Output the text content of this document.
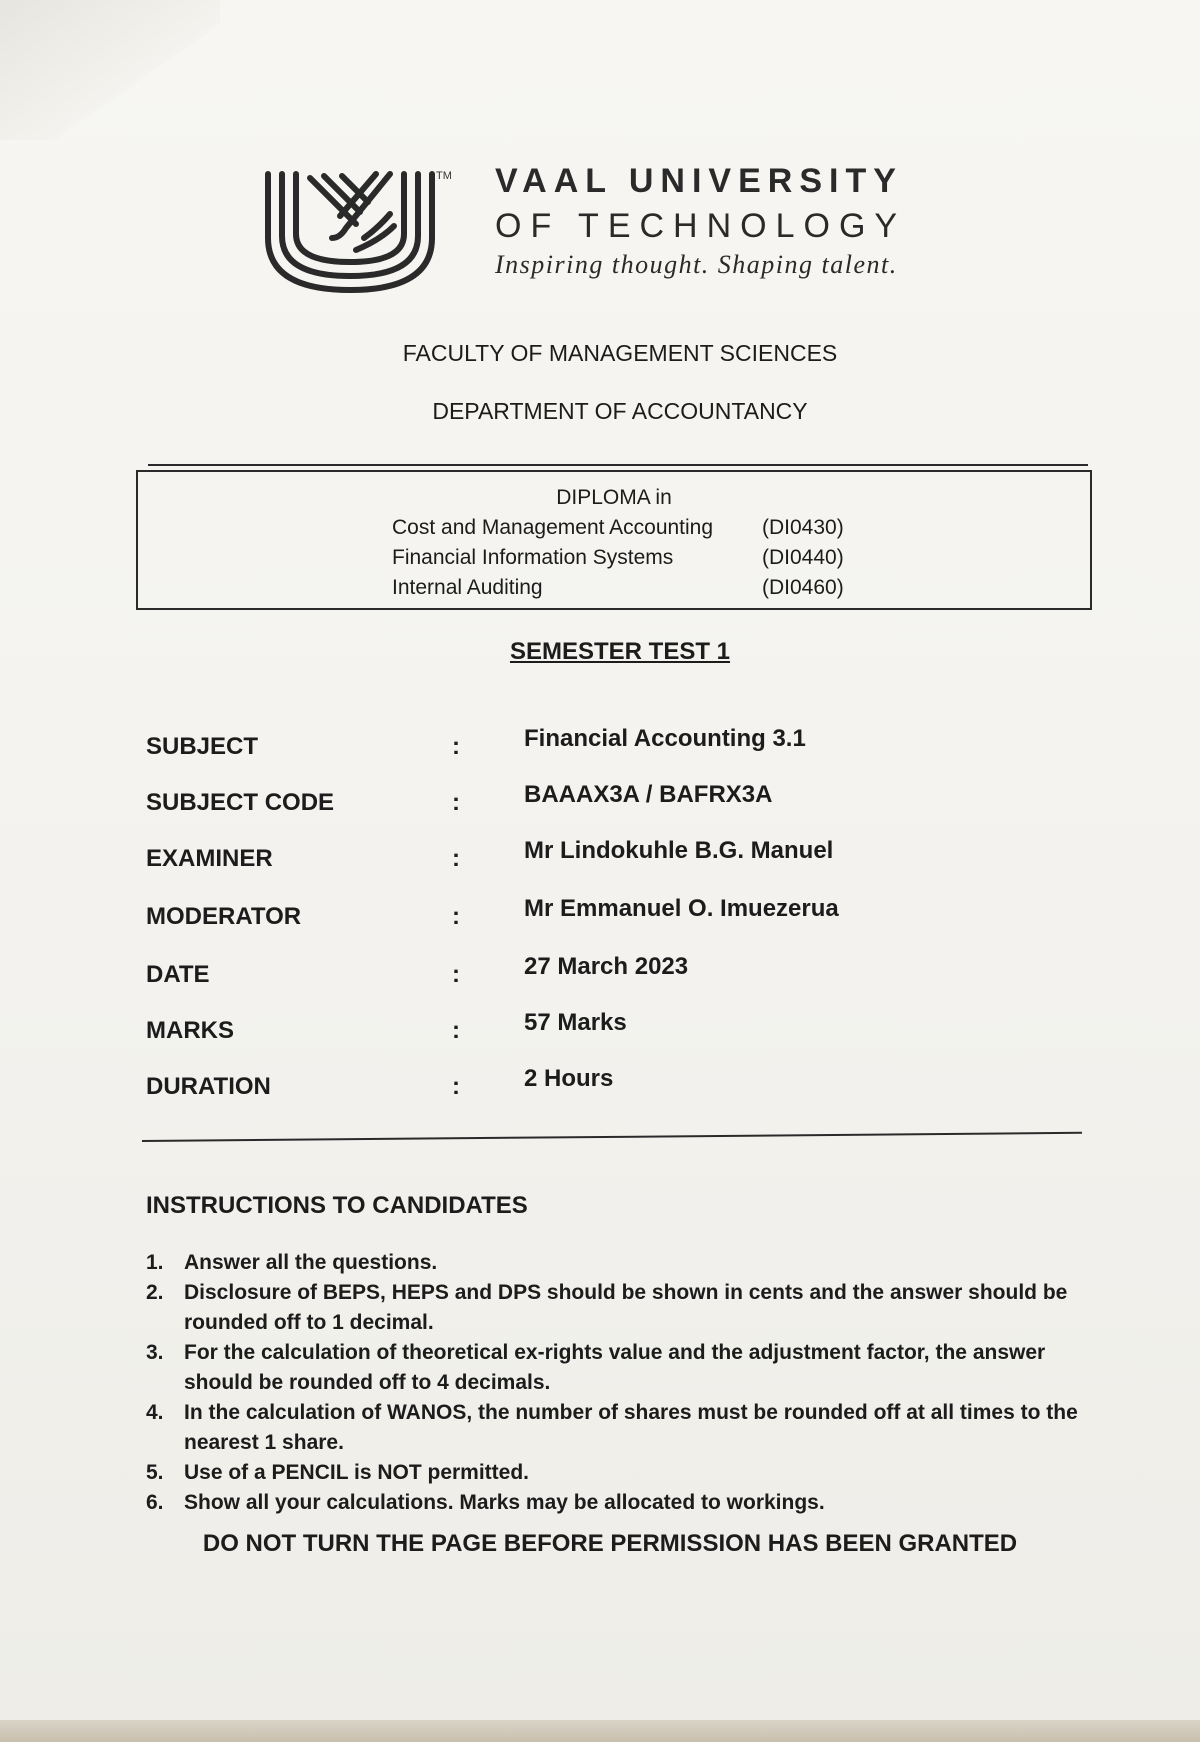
TM VAAL UNIVERSITY
OF TECHNOLOGY
Inspiring thought. Shaping talent.
FACULTY OF MANAGEMENT SCIENCES
DEPARTMENT OF ACCOUNTANCY
DIPLOMA in
Cost and Management Accounting (DI0430)
Financial Information Systems	(DI0440)
Internal Auditing	(DI0460)
SEMESTER TEST 1
SUBJECT	:	Financial Accounting 3.1
SUBJECT CODE	:	BAAAX3A / BAFRX3A
EXAMINER	:	Mr Lindokuhle B.G. Manuel
MODERATOR	:	Mr Emmanuel O. Imuezerua
DATE	:	27 March 2023
MARKS	:	57 Marks
DURATION	:	2 Hours
INSTRUCTIONS TO CANDIDATES
1. Answer all the questions.
2. Disclosure of BEPS, HEPS and DPS should be shown in cents and the answer should be rounded off to 1 decimal.
3. For the calculation of theoretical ex-rights value and the adjustment factor, the answer should be rounded off to 4 decimals.
4. In the calculation of WANOS, the number of shares must be rounded off at all times to the nearest 1 share.
5. Use of a PENCIL is NOT permitted.
6. Show all your calculations. Marks may be allocated to workings.
DO NOT TURN THE PAGE BEFORE PERMISSION HAS BEEN GRANTED
